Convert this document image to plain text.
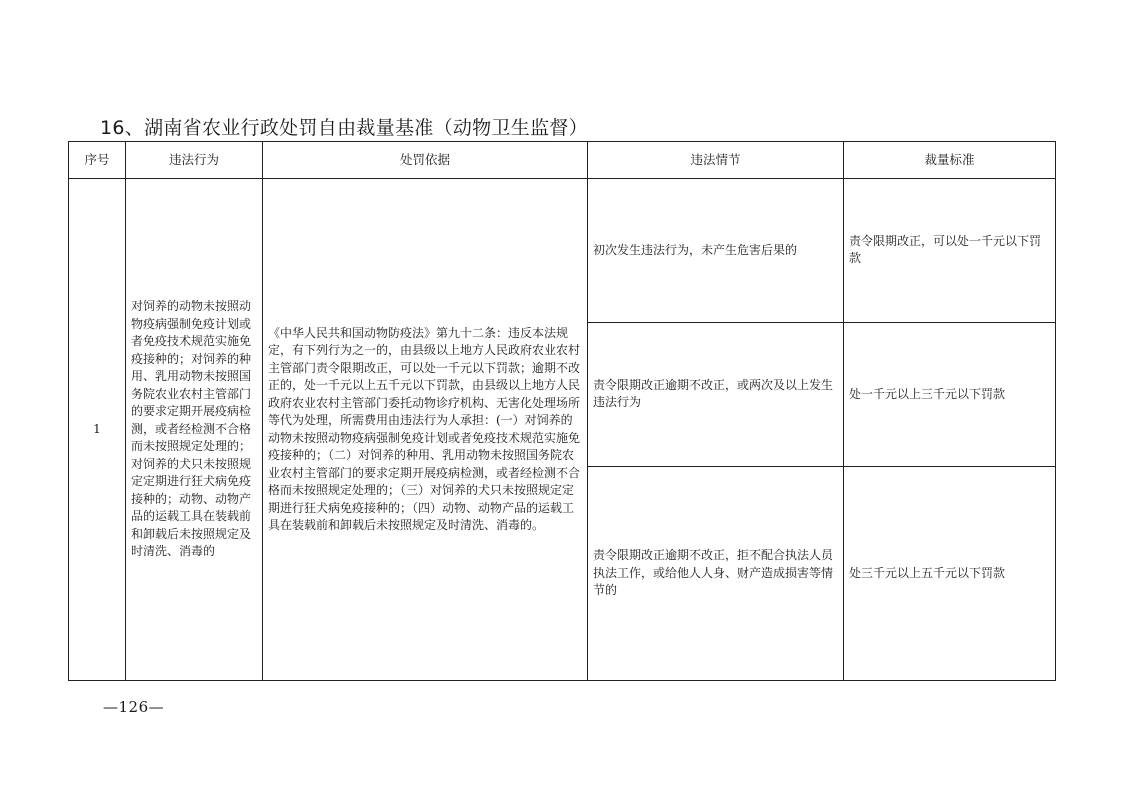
16、湖南省农业行政处罚自由裁量基准（动物卫生监督）
序号	违法行为	处罚依据	违法情节	裁量标准
1	对饲养的动物未按照动物疫病强制免疫计划或者免疫技术规范实施免疫接种的；对饲养的种用、乳用动物未按照国务院农业农村主管部门的要求定期开展疫病检测，或者经检测不合格而未按照规定处理的；对饲养的犬只未按照规定定期进行狂犬病免疫接种的；动物、动物产品的运载工具在装载前和卸载后未按照规定及时清洗、消毒的	《中华人民共和国动物防疫法》第九十二条：违反本法规定，有下列行为之一的，由县级以上地方人民政府农业农村主管部门责令限期改正，可以处一千元以下罚款；逾期不改正的，处一千元以上五千元以下罚款，由县级以上地方人民政府农业农村主管部门委托动物诊疗机构、无害化处理场所等代为处理，所需费用由违法行为人承担：(一）对饲养的动物未按照动物疫病强制免疫计划或者免疫技术规范实施免疫接种的；（二）对饲养的种用、乳用动物未按照国务院农业农村主管部门的要求定期开展疫病检测，或者经检测不合格而未按照规定处理的；（三）对饲养的犬只未按照规定定期进行狂犬病免疫接种的；（四）动物、动物产品的运载工具在装载前和卸载后未按照规定及时清洗、消毒的。	初次发生违法行为，未产生危害后果的	责令限期改正，可以处一千元以下罚款
			责令限期改正逾期不改正，或两次及以上发生违法行为	处一千元以上三千元以下罚款
			责令限期改正逾期不改正，拒不配合执法人员执法工作，或给他人人身、财产造成损害等情节的	处三千元以上五千元以下罚款
—126—
